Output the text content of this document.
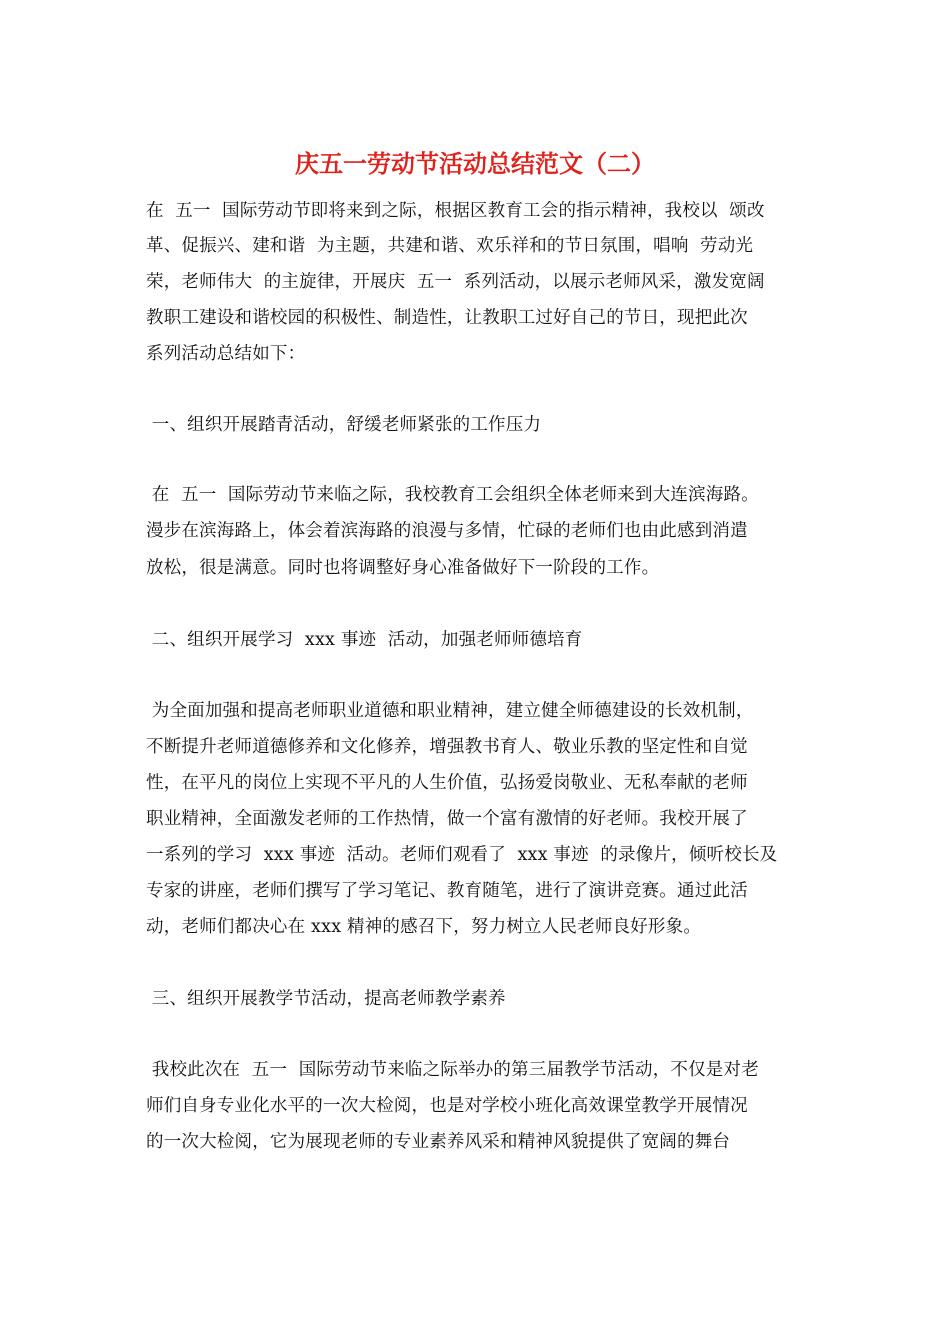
庆五一劳动节活动总结范文（二）
在  五一  国际劳动节即将来到之际，根据区教育工会的指示精神，我校以  颂改
革、促振兴、建和谐  为主题，共建和谐、欢乐祥和的节日氛围，唱响  劳动光
荣，老师伟大  的主旋律，开展庆  五一  系列活动，以展示老师风采，激发宽阔
教职工建设和谐校园的积极性、制造性，让教职工过好自己的节日，现把此次
系列活动总结如下：
一、组织开展踏青活动，舒缓老师紧张的工作压力
在  五一  国际劳动节来临之际，我校教育工会组织全体老师来到大连滨海路。
漫步在滨海路上，体会着滨海路的浪漫与多情，忙碌的老师们也由此感到消遣
放松，很是满意。同时也将调整好身心准备做好下一阶段的工作。
二、组织开展学习  xxx 事迹  活动，加强老师师德培育
为全面加强和提高老师职业道德和职业精神，建立健全师德建设的长效机制，
不断提升老师道德修养和文化修养，增强教书育人、敬业乐教的坚定性和自觉
性，在平凡的岗位上实现不平凡的人生价值，弘扬爱岗敬业、无私奉献的老师
职业精神，全面激发老师的工作热情，做一个富有激情的好老师。我校开展了
一系列的学习  xxx 事迹  活动。老师们观看了  xxx 事迹  的录像片，倾听校长及
专家的讲座，老师们撰写了学习笔记、教育随笔，进行了演讲竞赛。通过此活
动，老师们都决心在 xxx 精神的感召下，努力树立人民老师良好形象。
三、组织开展教学节活动，提高老师教学素养
我校此次在  五一  国际劳动节来临之际举办的第三届教学节活动，不仅是对老
师们自身专业化水平的一次大检阅，也是对学校小班化高效课堂教学开展情况
的一次大检阅，它为展现老师的专业素养风采和精神风貌提供了宽阔的舞台
